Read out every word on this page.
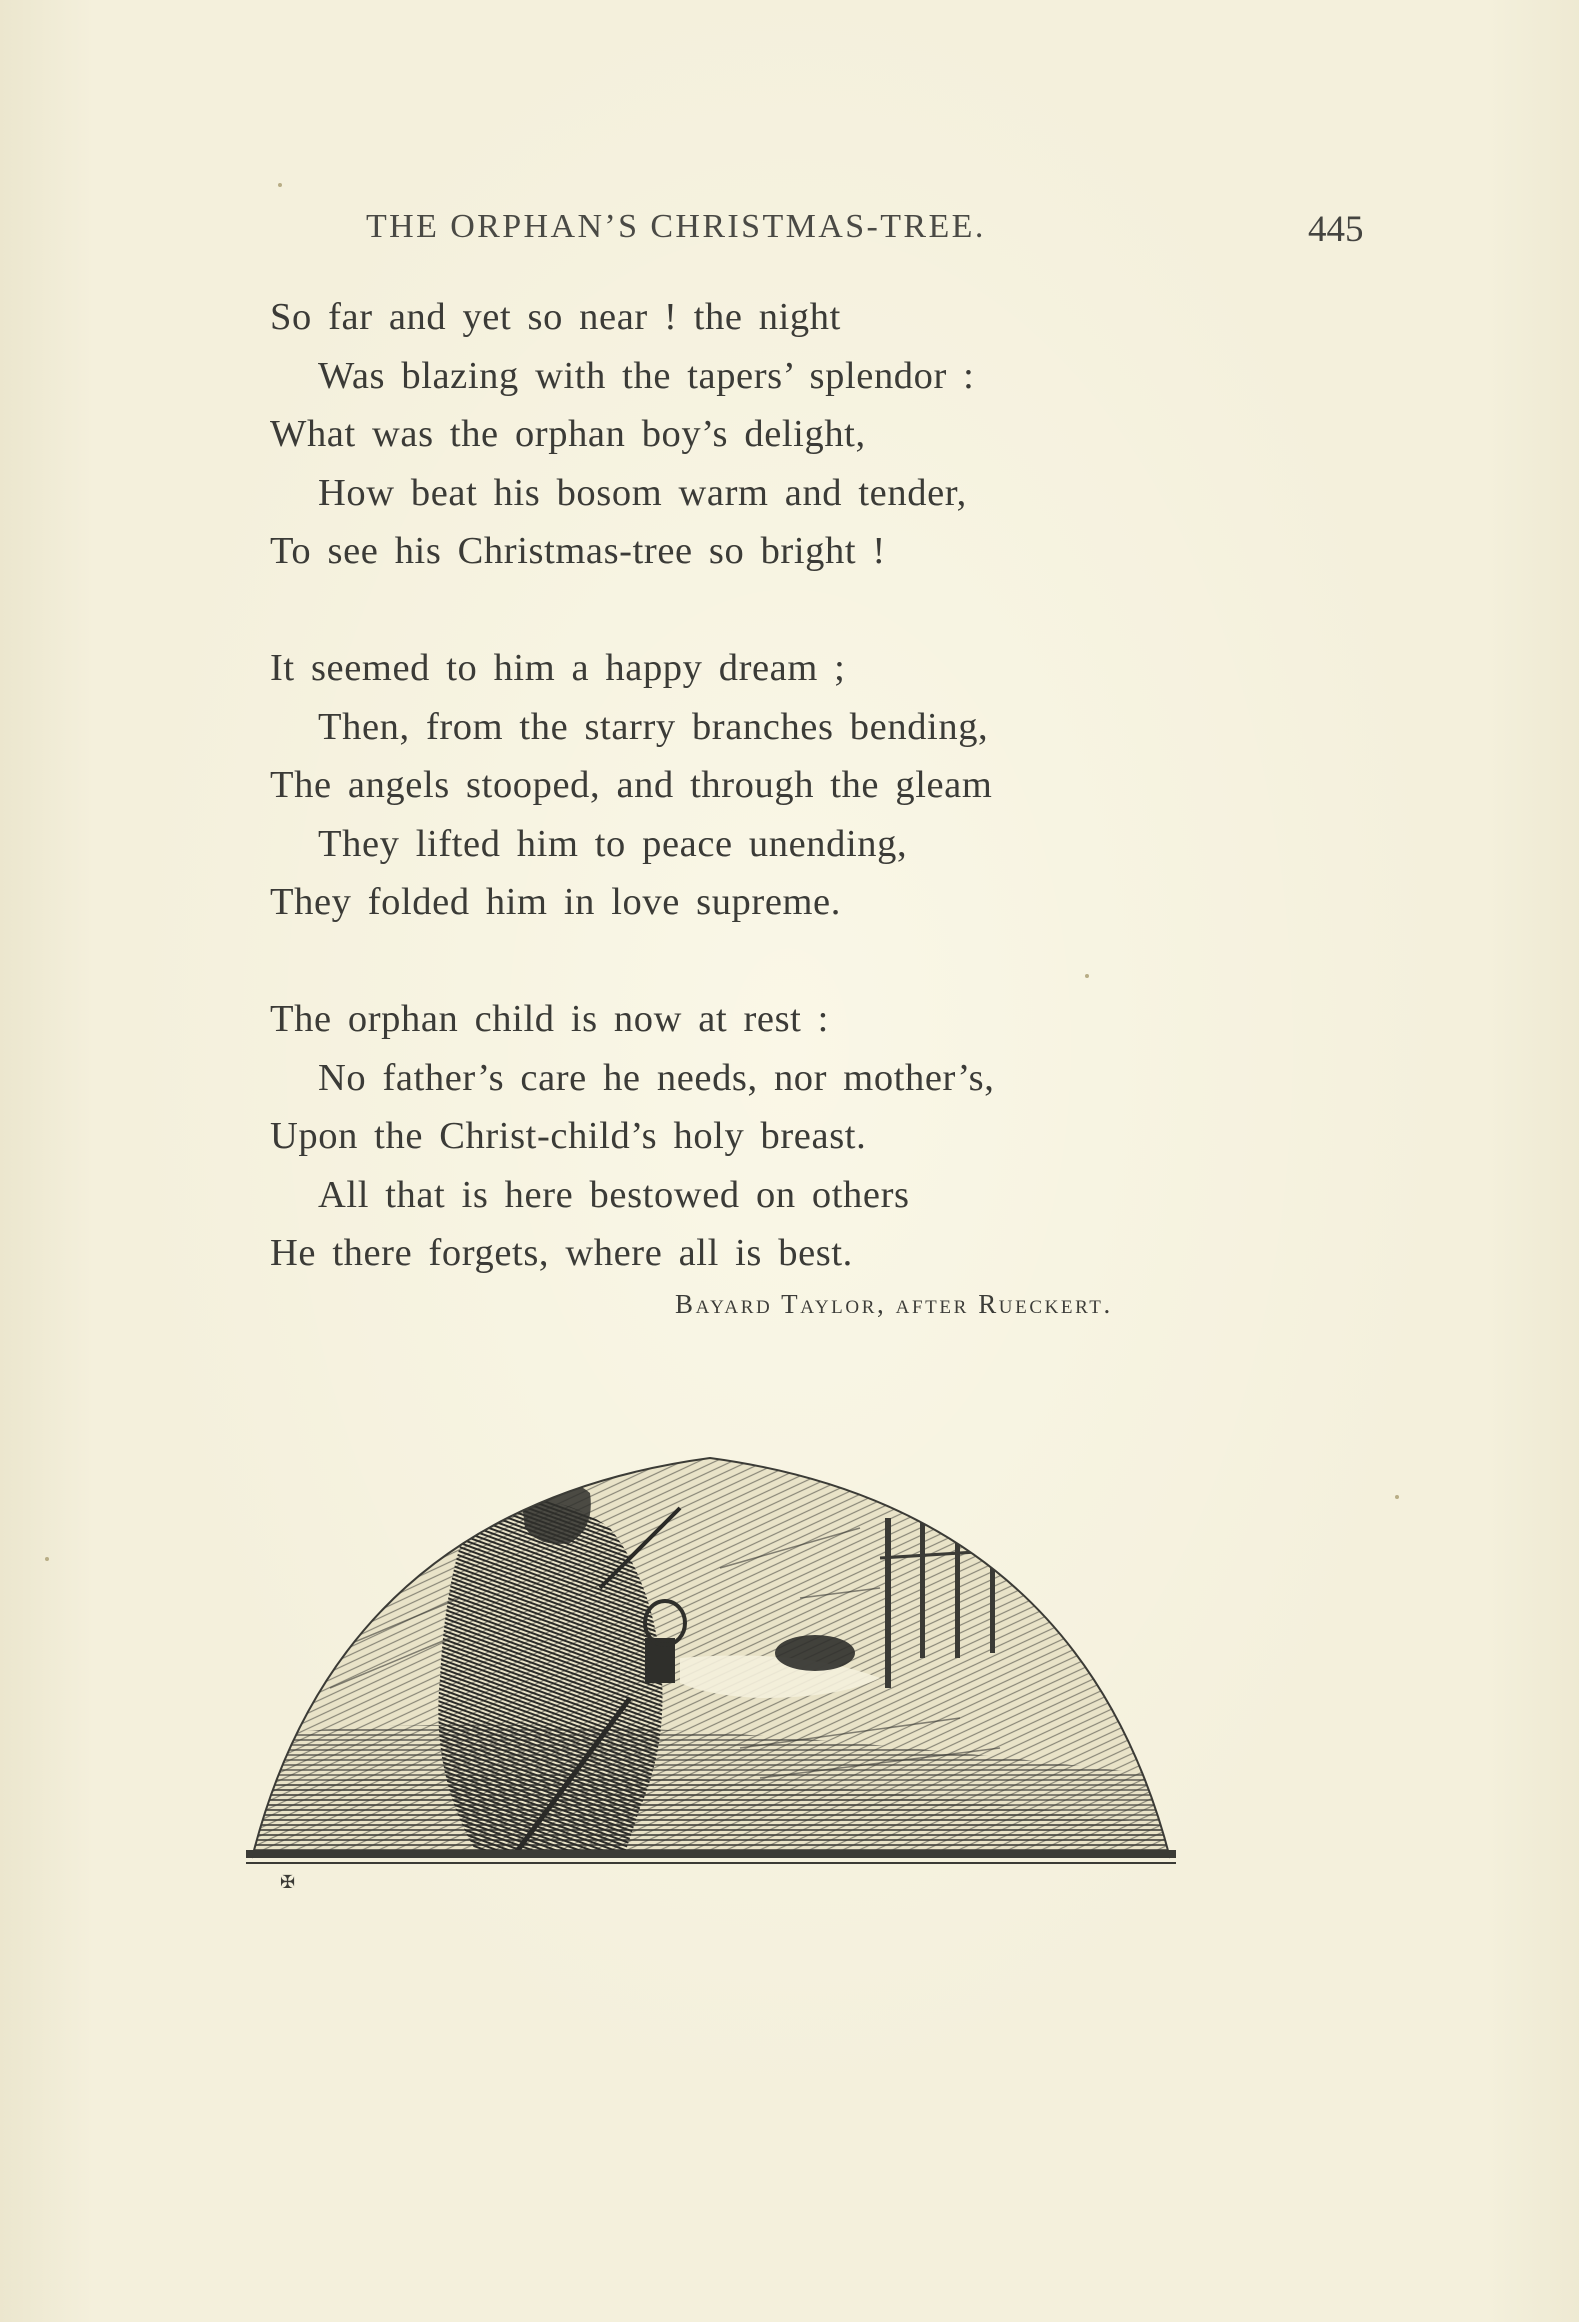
THE ORPHAN’S CHRISTMAS-TREE.	445
So far and yet so near ! the night
Was blazing with the tapers’ splendor :
What was the orphan boy’s delight,
How beat his bosom warm and tender,
To see his Christmas-tree so bright !
It seemed to him a happy dream ;
Then, from the starry branches bending,
The angels stooped, and through the gleam
They lifted him to peace unending,
They folded him in love supreme.
The orphan child is now at rest :
No father’s care he needs, nor mother’s,
Upon the Christ-child’s holy breast.
All that is here bestowed on others
He there forgets, where all is best.
Bayard Taylor, after Rueckert.
✠
